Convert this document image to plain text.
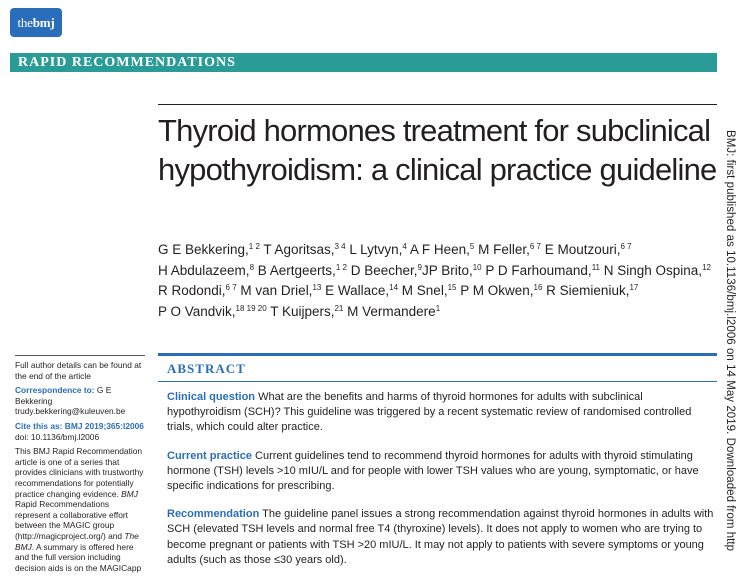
the bmj
RAPID RECOMMENDATIONS
Thyroid hormones treatment for subclinical hypothyroidism: a clinical practice guideline
G E Bekkering,$^{1 2}$ T Agoritsas,$^{3 4}$ L Lytvyn,$^4$ A F Heen,$^5$ M Feller,$^{6 7}$ E Moutzouri,$^{6 7}$
H Abdulazeem,$^8$ B Aertgeerts,$^{1 2}$ D Beecher,$^9$JP Brito,$^{10}$ P D Farhoumand,$^{11}$ N Singh Ospina,$^{12}$
R Rodondi,$^{6 7}$ M van Driel,$^{13}$ E Wallace,$^{14}$ M Snel,$^{15}$ P M Okwen,$^{16}$ R Siemieniuk,$^{17}$
P O Vandvik,$^{18 19 20}$ T Kuijpers,$^{21}$ M Vermandere$^1$

Full author details can be found at the end of the article

Correspondence to: G E Bekkering
trudy.bekkering@kuleuven.be

Cite this as: BMJ 2019;365:l2006
doi: 10.1136/bmj.l2006

This BMJ Rapid Recommendation article is one of a series that provides clinicians with trustworthy recommendations for potentially practice changing evidence. BMJ Rapid Recommendations represent a collaborative effort between the MAGIC group (http://magicproject.org/) and The BMJ. A summary is offered here and the full version including decision aids is on the MAGICapp

ABSTRACT
Clinical question What are the benefits and harms of thyroid hormones for adults with subclinical hypothyroidism (SCH)? This guideline was triggered by a recent systematic review of randomised controlled trials, which could alter practice.
Current practice Current guidelines tend to recommend thyroid hormones for adults with thyroid stimulating hormone (TSH) levels >10 mIU/L and for people with lower TSH values who are young, symptomatic, or have specific indications for prescribing.
Recommendation The guideline panel issues a strong recommendation against thyroid hormones in adults with SCH (elevated TSH levels and normal free T4 (thyroxine) levels). It does not apply to women who are trying to become pregnant or patients with TSH >20 mIU/L. It may not apply to patients with severe symptoms or young adults (such as those ≤30 years old).
BMJ: first published as 10.1136/bmj.l2006 on 14 May 2019. Downloaded from http
